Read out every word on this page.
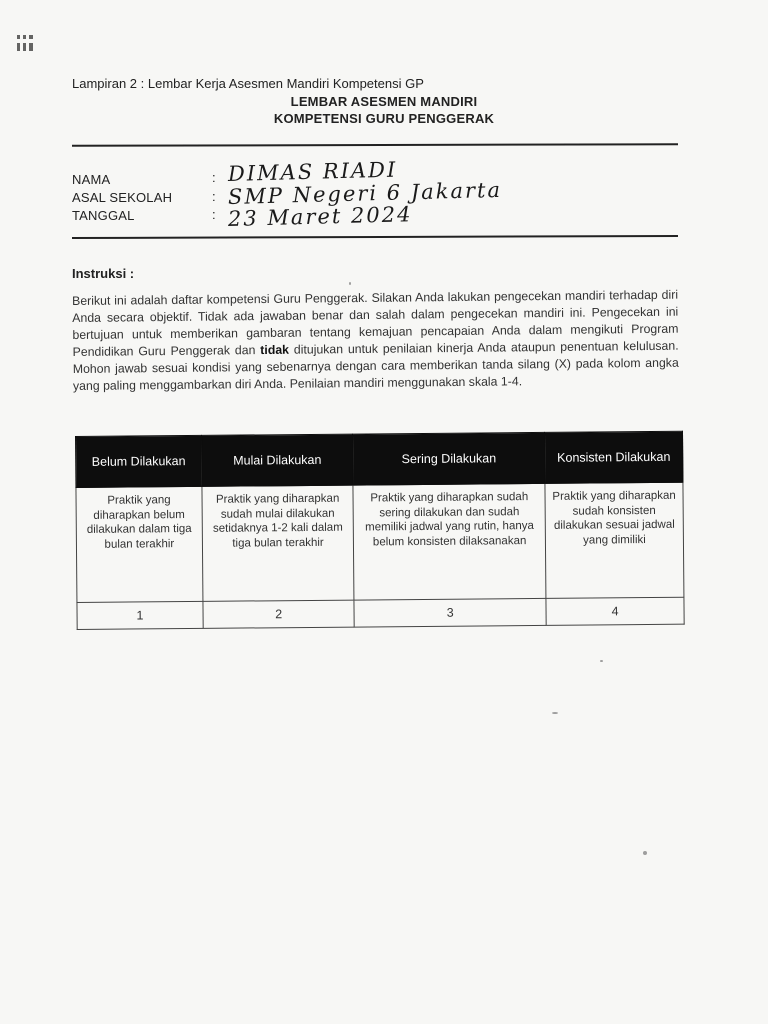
Lampiran 2 : Lembar Kerja Asesmen Mandiri Kompetensi GP
LEMBAR ASESMEN MANDIRI
KOMPETENSI GURU PENGGERAK
NAMA	: DIMAS RIADI
ASAL SEKOLAH	: SMP Negeri 6 Jakarta
TANGGAL	: 23 Maret 2024
Instruksi :
Berikut ini adalah daftar kompetensi Guru Penggerak. Silakan Anda lakukan pengecekan mandiri terhadap diri Anda secara objektif. Tidak ada jawaban benar dan salah dalam pengecekan mandiri ini. Pengecekan ini bertujuan untuk memberikan gambaran tentang kemajuan pencapaian Anda dalam mengikuti Program Pendidikan Guru Penggerak dan tidak ditujukan untuk penilaian kinerja Anda ataupun penentuan kelulusan. Mohon jawab sesuai kondisi yang sebenarnya dengan cara memberikan tanda silang (X) pada kolom angka yang paling menggambarkan diri Anda. Penilaian mandiri menggunakan skala 1-4.
Belum Dilakukan	Mulai Dilakukan	Sering Dilakukan	Konsisten Dilakukan
Praktik yang diharapkan belum dilakukan dalam tiga bulan terakhir	Praktik yang diharapkan sudah mulai dilakukan setidaknya 1-2 kali dalam tiga bulan terakhir	Praktik yang diharapkan sudah sering dilakukan dan sudah memiliki jadwal yang rutin, hanya belum konsisten dilaksanakan	Praktik yang diharapkan sudah konsisten dilakukan sesuai jadwal yang dimiliki
1	2	3	4
